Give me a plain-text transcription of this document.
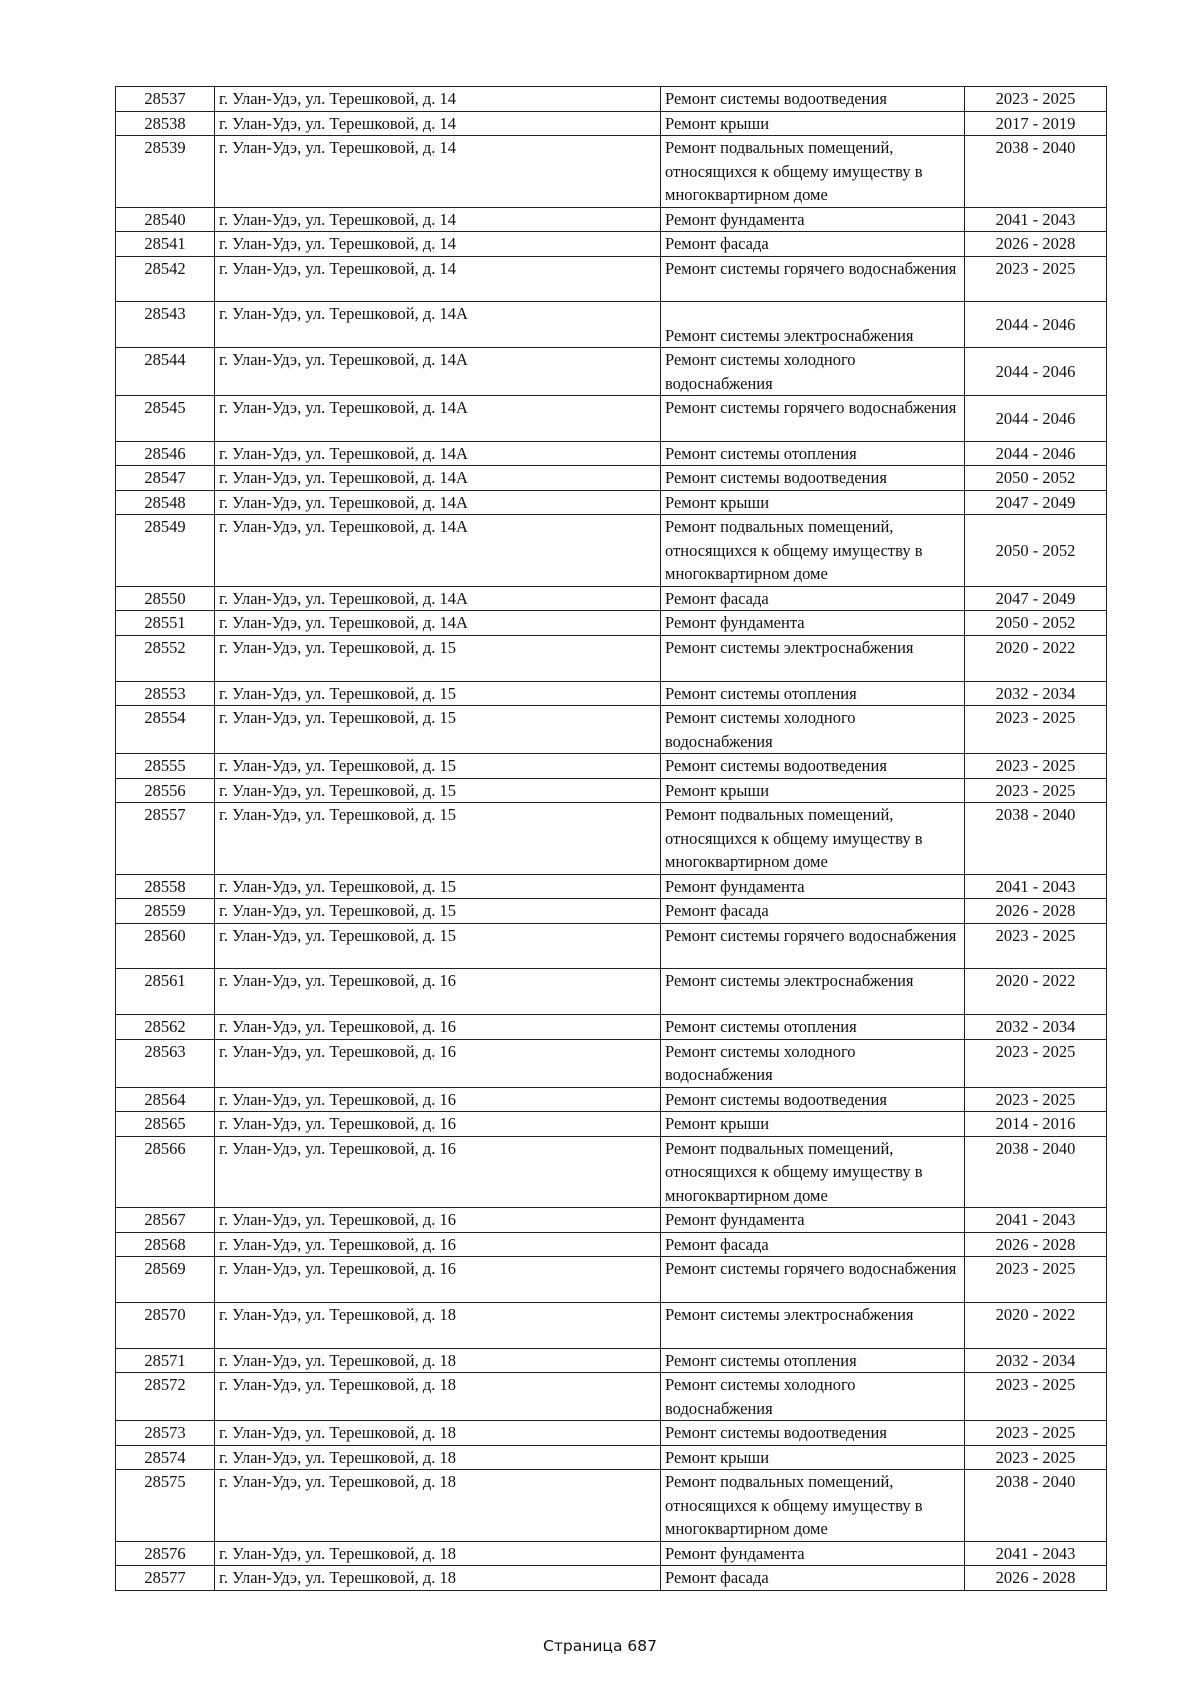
28537	г. Улан-Удэ, ул. Терешковой, д. 14	Ремонт системы водоотведения	2023 - 2025
28538	г. Улан-Удэ, ул. Терешковой, д. 14	Ремонт крыши	2017 - 2019
28539	г. Улан-Удэ, ул. Терешковой, д. 14	Ремонт подвальных помещений, относящихся к общему имуществу в многоквартирном доме	2038 - 2040
28540	г. Улан-Удэ, ул. Терешковой, д. 14	Ремонт фундамента	2041 - 2043
28541	г. Улан-Удэ, ул. Терешковой, д. 14	Ремонт фасада	2026 - 2028
28542	г. Улан-Удэ, ул. Терешковой, д. 14	Ремонт системы горячего водоснабжения	2023 - 2025
28543	г. Улан-Удэ, ул. Терешковой, д. 14А	Ремонт системы электроснабжения	2044 - 2046
28544	г. Улан-Удэ, ул. Терешковой, д. 14А	Ремонт системы холодного водоснабжения	2044 - 2046
28545	г. Улан-Удэ, ул. Терешковой, д. 14А	Ремонт системы горячего водоснабжения	2044 - 2046
28546	г. Улан-Удэ, ул. Терешковой, д. 14А	Ремонт системы отопления	2044 - 2046
28547	г. Улан-Удэ, ул. Терешковой, д. 14А	Ремонт системы водоотведения	2050 - 2052
28548	г. Улан-Удэ, ул. Терешковой, д. 14А	Ремонт крыши	2047 - 2049
28549	г. Улан-Удэ, ул. Терешковой, д. 14А	Ремонт подвальных помещений, относящихся к общему имуществу в многоквартирном доме	2050 - 2052
28550	г. Улан-Удэ, ул. Терешковой, д. 14А	Ремонт фасада	2047 - 2049
28551	г. Улан-Удэ, ул. Терешковой, д. 14А	Ремонт фундамента	2050 - 2052
28552	г. Улан-Удэ, ул. Терешковой, д. 15	Ремонт системы электроснабжения	2020 - 2022
28553	г. Улан-Удэ, ул. Терешковой, д. 15	Ремонт системы отопления	2032 - 2034
28554	г. Улан-Удэ, ул. Терешковой, д. 15	Ремонт системы холодного водоснабжения	2023 - 2025
28555	г. Улан-Удэ, ул. Терешковой, д. 15	Ремонт системы водоотведения	2023 - 2025
28556	г. Улан-Удэ, ул. Терешковой, д. 15	Ремонт крыши	2023 - 2025
28557	г. Улан-Удэ, ул. Терешковой, д. 15	Ремонт подвальных помещений, относящихся к общему имуществу в многоквартирном доме	2038 - 2040
28558	г. Улан-Удэ, ул. Терешковой, д. 15	Ремонт фундамента	2041 - 2043
28559	г. Улан-Удэ, ул. Терешковой, д. 15	Ремонт фасада	2026 - 2028
28560	г. Улан-Удэ, ул. Терешковой, д. 15	Ремонт системы горячего водоснабжения	2023 - 2025
28561	г. Улан-Удэ, ул. Терешковой, д. 16	Ремонт системы электроснабжения	2020 - 2022
28562	г. Улан-Удэ, ул. Терешковой, д. 16	Ремонт системы отопления	2032 - 2034
28563	г. Улан-Удэ, ул. Терешковой, д. 16	Ремонт системы холодного водоснабжения	2023 - 2025
28564	г. Улан-Удэ, ул. Терешковой, д. 16	Ремонт системы водоотведения	2023 - 2025
28565	г. Улан-Удэ, ул. Терешковой, д. 16	Ремонт крыши	2014 - 2016
28566	г. Улан-Удэ, ул. Терешковой, д. 16	Ремонт подвальных помещений, относящихся к общему имуществу в многоквартирном доме	2038 - 2040
28567	г. Улан-Удэ, ул. Терешковой, д. 16	Ремонт фундамента	2041 - 2043
28568	г. Улан-Удэ, ул. Терешковой, д. 16	Ремонт фасада	2026 - 2028
28569	г. Улан-Удэ, ул. Терешковой, д. 16	Ремонт системы горячего водоснабжения	2023 - 2025
28570	г. Улан-Удэ, ул. Терешковой, д. 18	Ремонт системы электроснабжения	2020 - 2022
28571	г. Улан-Удэ, ул. Терешковой, д. 18	Ремонт системы отопления	2032 - 2034
28572	г. Улан-Удэ, ул. Терешковой, д. 18	Ремонт системы холодного водоснабжения	2023 - 2025
28573	г. Улан-Удэ, ул. Терешковой, д. 18	Ремонт системы водоотведения	2023 - 2025
28574	г. Улан-Удэ, ул. Терешковой, д. 18	Ремонт крыши	2023 - 2025
28575	г. Улан-Удэ, ул. Терешковой, д. 18	Ремонт подвальных помещений, относящихся к общему имуществу в многоквартирном доме	2038 - 2040
28576	г. Улан-Удэ, ул. Терешковой, д. 18	Ремонт фундамента	2041 - 2043
28577	г. Улан-Удэ, ул. Терешковой, д. 18	Ремонт фасада	2026 - 2028
Страница 687
